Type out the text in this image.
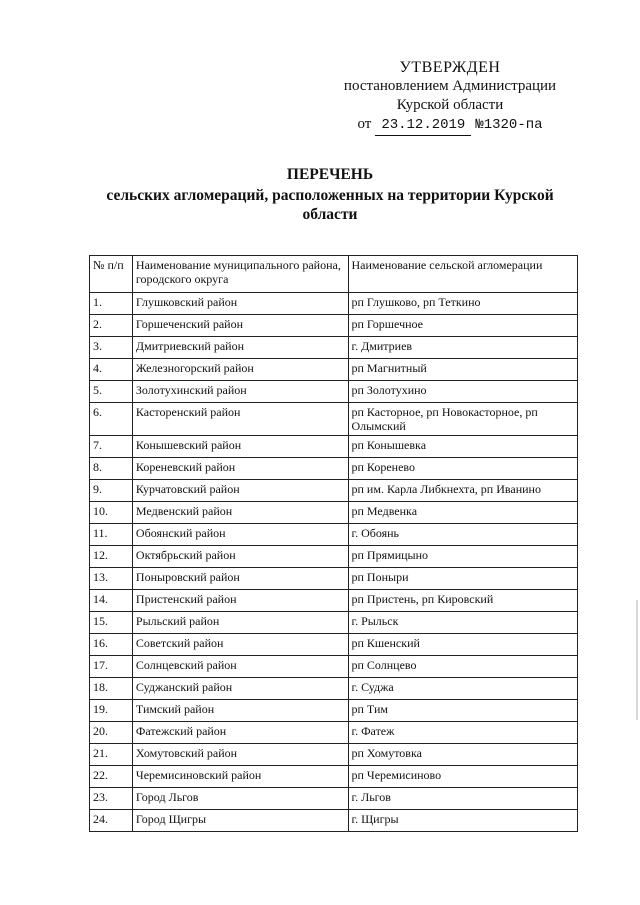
УТВЕРЖДЕН
постановлением Администрации
Курской области
от 23.12.2019 №1320-па
ПЕРЕЧЕНЬ
сельских агломераций, расположенных на территории Курской области
№ п/п	Наименование муниципального района, городского округа	Наименование сельской агломерации
1.	Глушковский район	рп Глушково, рп Теткино
2.	Горшеченский район	рп Горшечное
3.	Дмитриевский район	г. Дмитриев
4.	Железногорский район	рп Магнитный
5.	Золотухинский район	рп Золотухино
6.	Касторенский район	рп Касторное, рп Новокасторное, рп Олымский
7.	Конышевский район	рп Конышевка
8.	Кореневский район	рп Коренево
9.	Курчатовский район	рп им. Карла Либкнехта, рп Иванино
10.	Медвенский район	рп Медвенка
11.	Обоянский район	г. Обоянь
12.	Октябрьский район	рп Прямицыно
13.	Поныровский район	рп Поныри
14.	Пристенский район	рп Пристень, рп Кировский
15.	Рыльский район	г. Рыльск
16.	Советский район	рп Кшенский
17.	Солнцевский район	рп Солнцево
18.	Суджанский район	г. Суджа
19.	Тимский район	рп Тим
20.	Фатежский район	г. Фатеж
21.	Хомутовский район	рп Хомутовка
22.	Черемисиновский район	рп Черемисиново
23.	Город Льгов	г. Льгов
24.	Город Щигры	г. Щигры
